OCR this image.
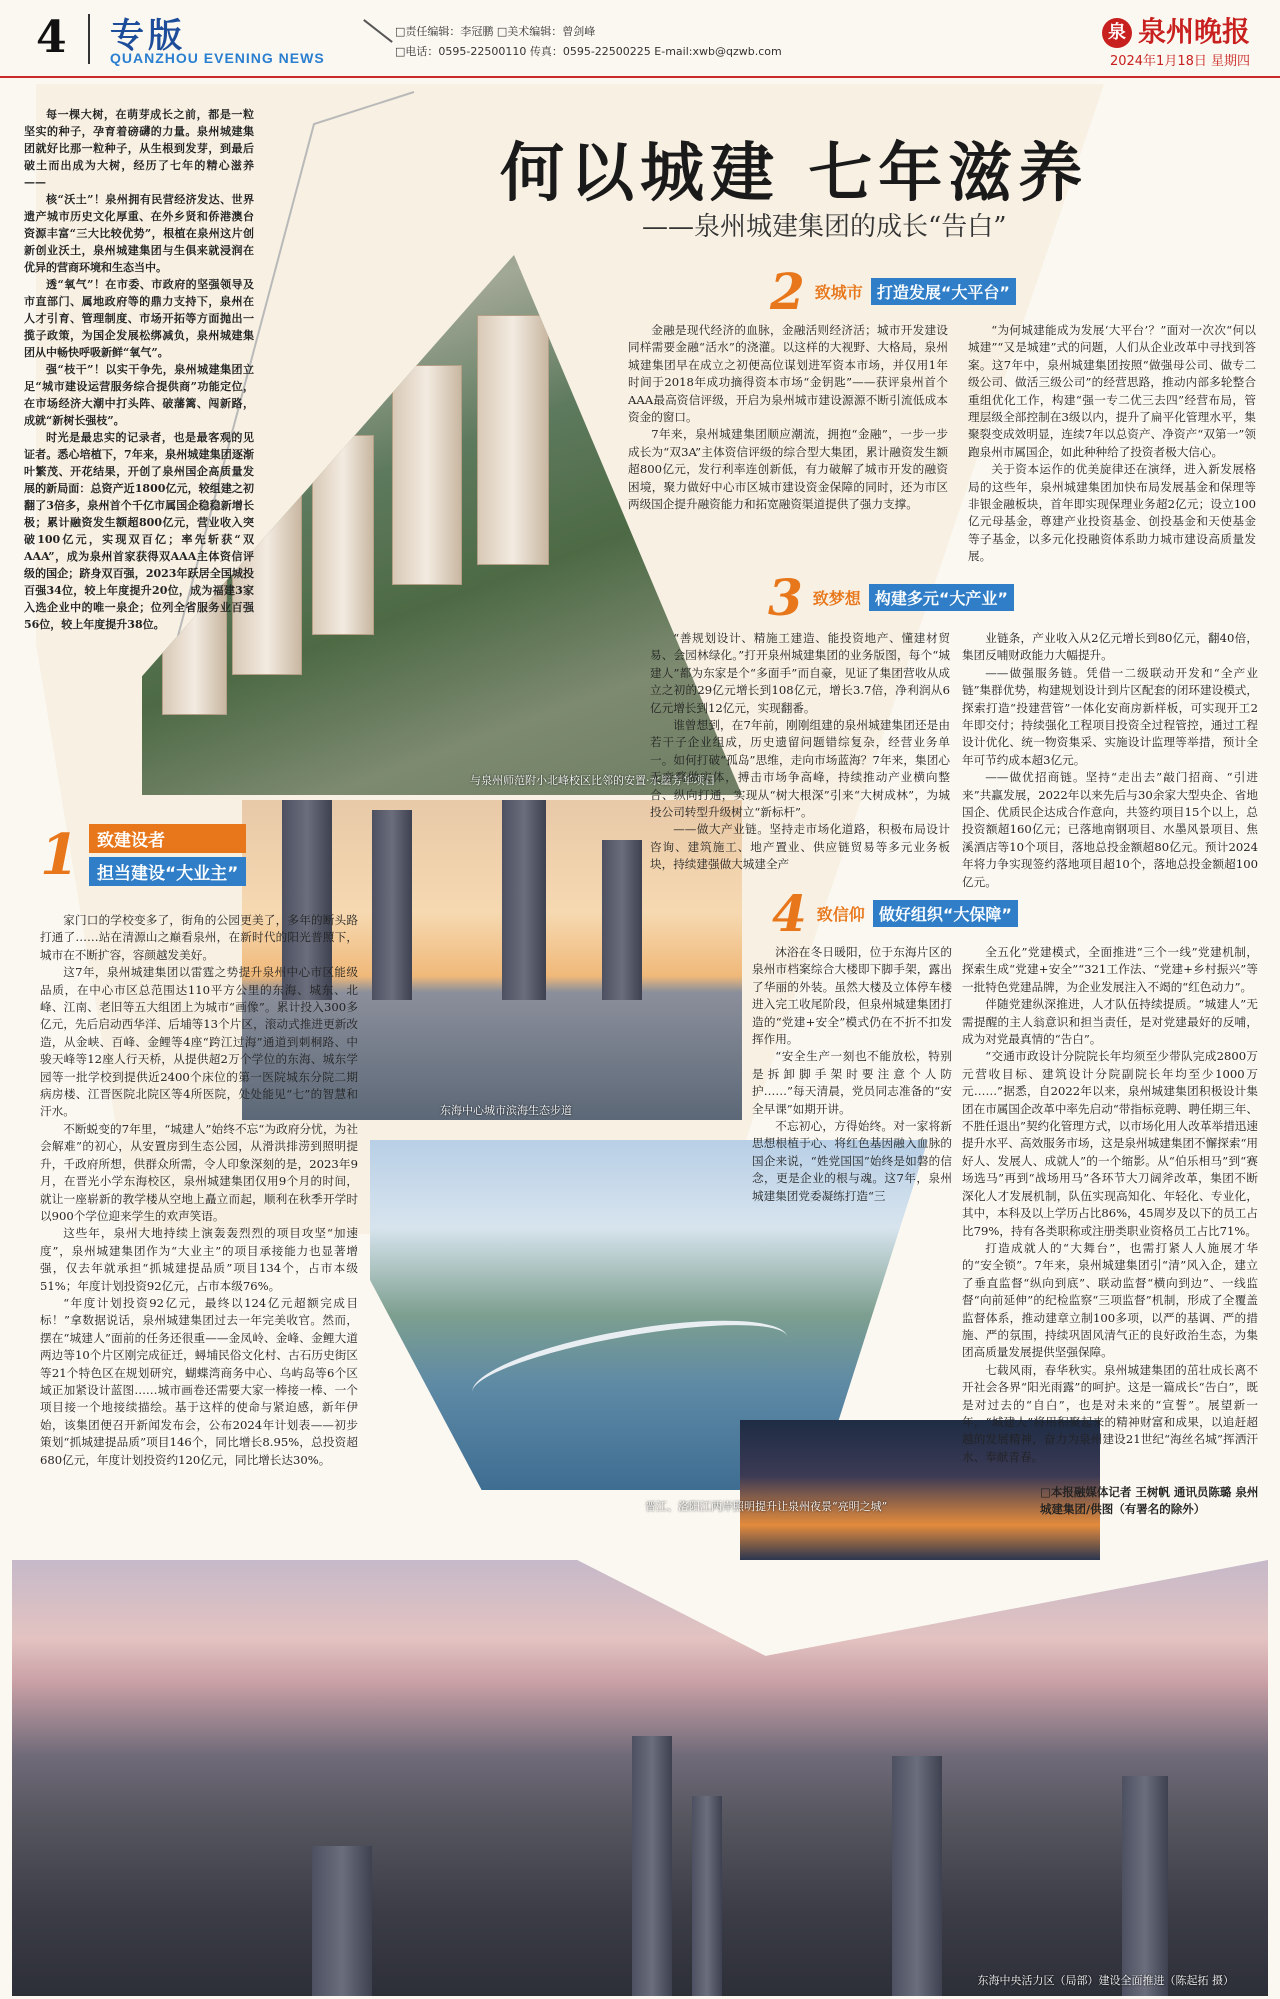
4 专版
QUANZHOU EVENING NEWS
□责任编辑：李冠鹏 □美术编辑：曾剑峰
□电话：0595-22500110 传真：0595-22500225 E-mail:xwb@qzwb.com
泉 泉州晚报
2024年1月18日 星期四
与泉州师范附小北峰校区比邻的安置·水墨芳华项目
东海中心城市滨海生态步道
晋江、洛阳江两岸照明提升让泉州夜景“亮明之城”
东海中央活力区（局部）建设全面推进（陈起拓 摄）
何以城建 七年滋养
——泉州城建集团的成长“告白”

每一棵大树，在萌芽成长之前，都是一粒坚实的种子，孕育着磅礴的力量。泉州城建集团就好比那一粒种子，从生根到发芽，到最后破土而出成为大树，经历了七年的精心滋养——

核“沃土”！泉州拥有民营经济发达、世界遗产城市历史文化厚重、在外乡贤和侨港澳台资源丰富“三大比较优势”，根植在泉州这片创新创业沃土，泉州城建集团与生俱来就浸润在优异的营商环境和生态当中。

透“氧气”！在市委、市政府的坚强领导及市直部门、属地政府等的鼎力支持下，泉州在人才引育、管理制度、市场开拓等方面抛出一揽子政策，为国企发展松绑减负，泉州城建集团从中畅快呼吸新鲜“氧气”。

强“枝干”！以实干争先，泉州城建集团立足“城市建设运营服务综合提供商”功能定位，在市场经济大潮中打头阵、破藩篱、闯新路，成就“新树长强枝”。

时光是最忠实的记录者，也是最客观的见证者。悉心培植下，7年来，泉州城建集团逐渐叶繁茂、开花结果，开创了泉州国企高质量发展的新局面：总资产近1800亿元，较组建之初翻了3倍多，泉州首个千亿市属国企稳稳新增长极；累计融资发生额超800亿元，营业收入突破100亿元，实现双百亿；率先斩获“双AAA”，成为泉州首家获得双AAA主体资信评级的国企；跻身双百强，2023年跃居全国城投百强34位，较上年度提升20位，成为福建3家入选企业中的唯一泉企；位列全省服务业百强56位，较上年度提升38位。

2 致城市 打造发展“大平台”

金融是现代经济的血脉，金融活则经济活；城市开发建设同样需要金融“活水”的浇灌。以这样的大视野、大格局，泉州城建集团早在成立之初便高位谋划进军资本市场，并仅用1年时间于2018年成功摘得资本市场“金钥匙”——获评泉州首个AAA最高资信评级，开启为泉州城市建设源源不断引流低成本资金的窗口。

7年来，泉州城建集团顺应潮流，拥抱“金融”，一步一步成长为“双3A”主体资信评级的综合型大集团，累计融资发生额超800亿元，发行利率连创新低，有力破解了城市开发的融资困境，聚力做好中心市区城市建设资金保障的同时，还为市区两级国企提升融资能力和拓宽融资渠道提供了强力支撑。

“为何城建能成为发展‘大平台’？”面对一次次“何以城建”“又是城建”式的问题，人们从企业改革中寻找到答案。这7年中，泉州城建集团按照“做强母公司、做专二级公司、做活三级公司”的经营思路，推动内部多轮整合重组优化工作，构建“强一专二优三去四”经营布局，管理层级全部控制在3级以内，提升了扁平化管理水平，集聚裂变成效明显，连续7年以总资产、净资产“双第一”领跑泉州市属国企，如此种种给了投资者极大信心。

关于资本运作的优美旋律还在演绎，进入新发展格局的这些年，泉州城建集团加快布局发展基金和保理等非银金融板块，首年即实现保理业务超2亿元；设立100亿元母基金，尊建产业投资基金、创投基金和天使基金等子基金，以多元化投融资体系助力城市建设高质量发展。

3 致梦想 构建多元“大产业”

“善规划设计、精施工建造、能投资地产、懂建材贸易、会园林绿化。”打开泉州城建集团的业务版图，每个“城建人”都为东家是个“多面手”而自豪，见证了集团营收从成立之初的29亿元增长到108亿元，增长3.7倍，净利润从6亿元增长到12亿元，实现翻番。

谁曾想到，在7年前，刚刚组建的泉州城建集团还是由若干子企业组成，历史遗留问题错综复杂，经营业务单一。如何打破“孤岛”思维，走向市场蓝海？7年来，集团心无旁骛做实体，搏击市场争高峰，持续推动产业横向整合、纵向打通，实现从“树大根深”引来“大树成林”，为城投公司转型升级树立“新标杆”。

——做大产业链。坚持走市场化道路，积极布局设计咨询、建筑施工、地产置业、供应链贸易等多元业务板块，持续建强做大城建全产

业链条，产业收入从2亿元增长到80亿元，翻40倍，集团反哺财政能力大幅提升。

——做强服务链。凭借一二级联动开发和“全产业链”集群优势，构建规划设计到片区配套的闭环建设模式，探索打造“投建营管”一体化安商房新样板，可实现开工2年即交付；持续强化工程项目投资全过程管控，通过工程设计优化、统一物资集采、实施设计监理等举措，预计全年可节约成本超3亿元。

——做优招商链。坚持“走出去”敲门招商、“引进来”共赢发展，2022年以来先后与30余家大型央企、省地国企、优质民企达成合作意向，共签约项目15个以上，总投资额超160亿元；已落地南钢项目、水墨风景项目、焦溪酒店等10个项目，落地总投金额超80亿元。预计2024年将力争实现签约落地项目超10个，落地总投金额超100亿元。

4 致信仰 做好组织“大保障”

沐浴在冬日暖阳，位于东海片区的泉州市档案综合大楼即下脚手架，露出了华丽的外装。虽然大楼及立体停车楼进入完工收尾阶段，但泉州城建集团打造的“党建+安全”模式仍在不折不扣发挥作用。

“安全生产一刻也不能放松，特别是拆卸脚手架时要注意个人防护……”每天清晨，党员同志准备的“安全早课”如期开讲。

不忘初心，方得始终。对一家将新思想根植于心、将红色基因融入血脉的国企来说，“姓党国国”始终是如磐的信念，更是企业的根与魂。这7年，泉州城建集团党委凝练打造“三

全五化”党建模式，全面推进“三个一线”党建机制，探索生成“党建+安全”“321工作法、“党建+乡村振兴”等一批特色党建品牌，为企业发展注入不竭的“红色动力”。

伴随党建纵深推进，人才队伍持续提质。“城建人”无需提醒的主人翁意识和担当责任，是对党建最好的反哺，成为对党最真情的“告白”。

“交通市政设计分院院长年均须至少带队完成2800万元营收目标、建筑设计分院副院长年均至少1000万元……”据悉，自2022年以来，泉州城建集团积极设计集团在市属国企改革中率先启动“带指标竞聘、聘任期三年、不胜任退出”契约化管理方式，以市场化用人改革举措迅速提升水平、高效服务市场，这是泉州城建集团不懈探索“用好人、发展人、成就人”的一个缩影。从“伯乐相马”到“赛场选马”再到“战场用马”各环节大刀阔斧改革，集团不断深化人才发展机制，队伍实现高知化、年轻化、专业化，其中，本科及以上学历占比86%，45周岁及以下的员工占比79%，持有各类职称或注册类职业资格员工占比71%。

打造成就人的“大舞台”，也需打紧人人施展才华的“安全锁”。7年来，泉州城建集团引“清”风入企，建立了垂直监督“纵向到底”、联动监督“横向到边”、一线监督“向前延伸”的纪检监察“三项监督”机制，形成了全覆盖监督体系，推动建章立制100多项，以严的基调、严的措施、严的氛围，持续巩固风清气正的良好政治生态，为集团高质量发展提供坚强保障。

七载风雨，春华秋实。泉州城建集团的茁壮成长离不开社会各界“阳光雨露”的呵护。这是一篇成长“告白”，既是对过去的“自白”，也是对未来的“宣誓”。展望新一年，“城建人”将用积聚起来的精神财富和成果，以追赶超越的发展精神，奋力为泉州建设21世纪“海丝名城”挥洒汗水、奉献青春。

□本报融媒体记者 王树帆 通讯员陈璐 泉州城建集团/供图（有署名的除外）
1	致建设者
担当建设“大业主”

家门口的学校变多了，街角的公园更美了，多年的断头路打通了……站在清源山之巅看泉州，在新时代的阳光普照下，城市在不断扩容，容颜越发美好。

这7年，泉州城建集团以雷霆之势提升泉州中心市区能级品质，在中心市区总范围达110平方公里的东海、城东、北峰、江南、老旧等五大组团上为城市“画像”。累计投入300多亿元，先后启动西华洋、后埔等13个片区，滚动式推进更新改造，从金峡、百峰、金鲤等4座“跨江过海”通道到刺桐路、中骏天峰等12座人行天桥，从提供超2万个学位的东海、城东学园等一批学校到提供近2400个床位的第一医院城东分院二期病房楼、江晋医院北院区等4所医院，处处能见“七”的智慧和汗水。

不断蜕变的7年里，“城建人”始终不忘“为政府分忧，为社会解难”的初心，从安置房到生态公园，从滑洪排涝到照明提升，千政府所想，供群众所需，令人印象深刻的是，2023年9月，在晋光小学东海校区，泉州城建集团仅用9个月的时间，就让一座崭新的教学楼从空地上矗立而起，顺利在秋季开学时以900个学位迎来学生的欢声笑语。

这些年，泉州大地持续上演轰轰烈烈的项目攻坚“加速度”，泉州城建集团作为“大业主”的项目承接能力也显著增强，仅去年就承担“抓城建提品质”项目134个，占市本级51%；年度计划投资92亿元，占市本级76%。

“年度计划投资92亿元，最终以124亿元超额完成目标！”拿数据说话，泉州城建集团过去一年完美收官。然而，摆在“城建人”面前的任务还很重——金凤岭、金峰、金鲤大道两边等10个片区刚完成征迁，蟳埔民俗文化村、古石历史街区等21个特色区在规划研究，蝴蝶湾商务中心、乌屿岛等6个区域正加紧设计蓝图……城市画卷还需要大家一棒接一棒、一个项目接一个地接续描绘。基于这样的使命与紧迫感，新年伊始，该集团便召开新闻发布会，公布2024年计划表——初步策划“抓城建提品质”项目146个，同比增长8.95%，总投资超680亿元，年度计划投资约120亿元，同比增长达30%。
